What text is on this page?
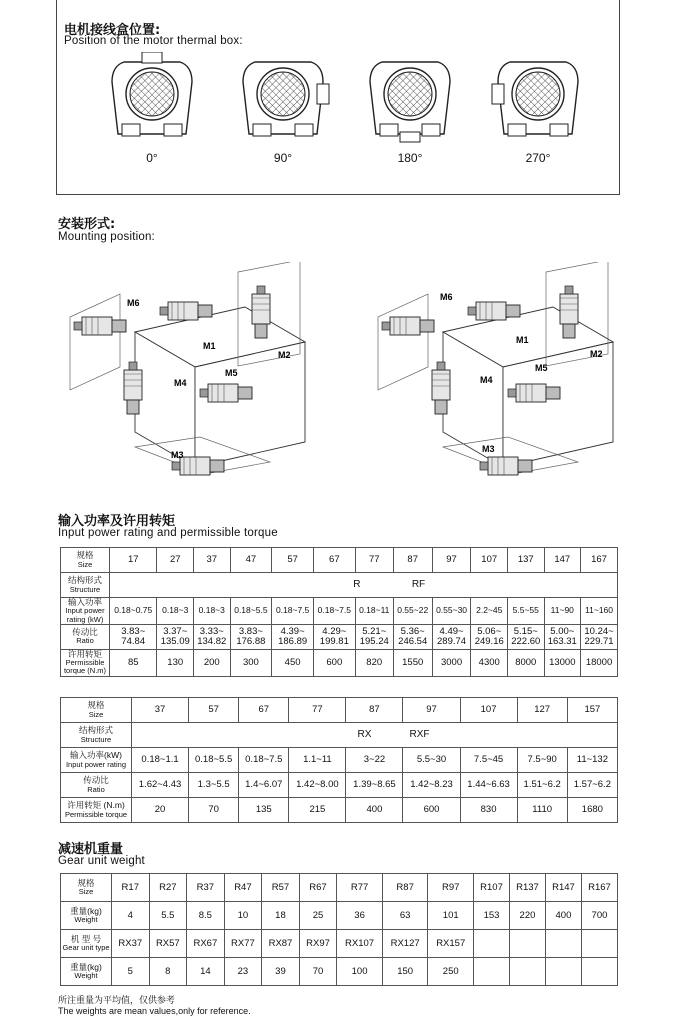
电机接线盒位置:
Position of the motor thermal box:
0°	90°	180°	270°
安装形式:
Mounting position:
M6
M1
M2
M4
M5
M3
M6
M1
M2
M4
M5
M3
输入功率及许用转矩
Input power rating and permissible torque
规格
Size	17	27	37	47	57	67	77	87	97	107	137	147	167
结构形式
Structure	R RF												
输入功率
Input power rating (kW)	0.18~0.75	0.18~3	0.18~3	0.18~5.5	0.18~7.5	0.18~7.5	0.18~11	0.55~22	0.55~30	2.2~45	5.5~55	11~90	11~160
传动比
Ratio	3.83~
74.84	3.37~
135.09	3.33~
134.82	3.83~
176.88	4.39~
186.89	4.29~
199.81	5.21~
195.24	5.36~
246.54	4.49~
289.74	5.06~
249.16	5.15~
222.60	5.00~
163.31	10.24~
229.71
许用转矩
Permissible torque (N.m)	85	130	200	300	450	600	820	1550	3000	4300	8000	13000	18000
规格
Size	37	57	67	77	87	97	107	127	157
结构形式
Structure	RX RXF								
输入功率(kW)
Input power rating	0.18~1.1	0.18~5.5	0.18~7.5	1.1~11	3~22	5.5~30	7.5~45	7.5~90	11~132
传动比
Ratio	1.62~4.43	1.3~5.5	1.4~6.07	1.42~8.00	1.39~8.65	1.42~8.23	1.44~6.63	1.51~6.2	1.57~6.2
许用转矩 (N.m)
Permissible torque	20	70	135	215	400	600	830	1110	1680
减速机重量
Gear unit weight
规格
Size	R17	R27	R37	R47	R57	R67	R77	R87	R97	R107	R137	R147	R167
重量(kg)
Weight	4	5.5	8.5	10	18	25	36	63	101	153	220	400	700
机 型 号
Gear unit type	RX37	RX57	RX67	RX77	RX87	RX97	RX107	RX127	RX157				
重量(kg)
Weight	5	8	14	23	39	70	100	150	250				
所注重量为平均值，仅供参考
The weights are mean values,only for reference.
